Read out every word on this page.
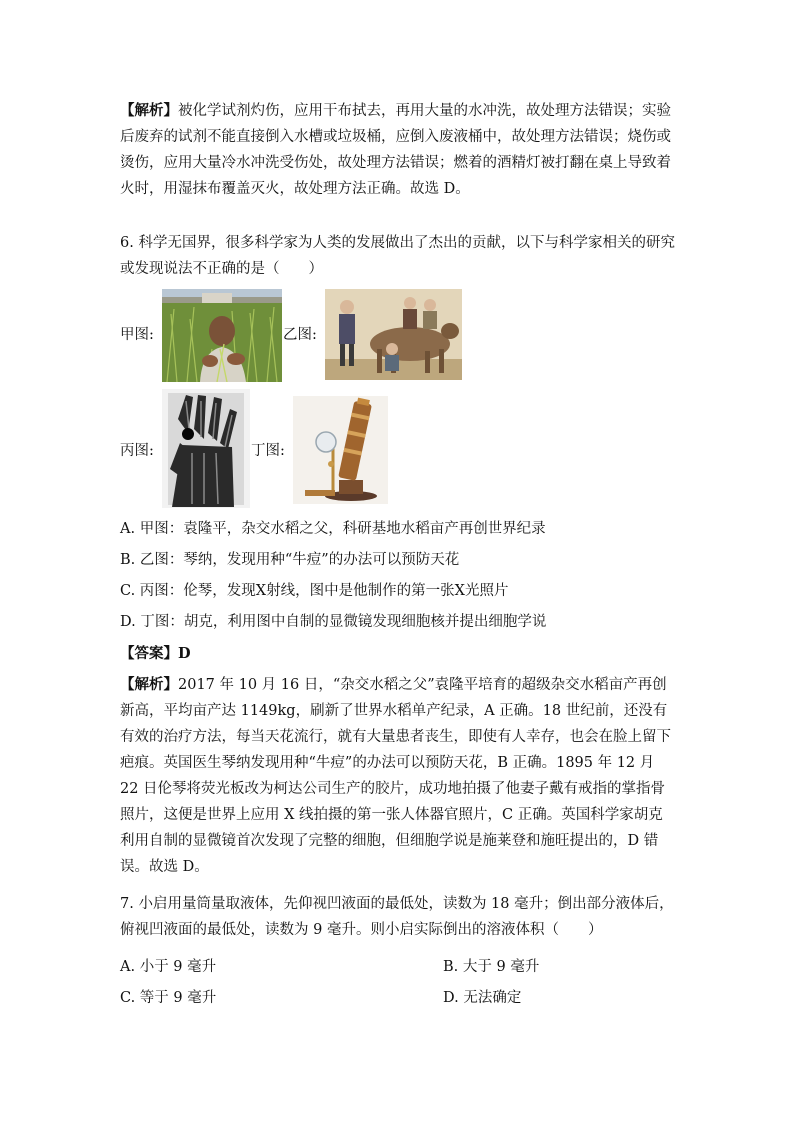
【解析】被化学试剂灼伤，应用干布拭去，再用大量的水冲洗，故处理方法错误；实验后废弃的试剂不能直接倒入水槽或垃圾桶，应倒入废液桶中，故处理方法错误；烧伤或烫伤，应用大量冷水冲洗受伤处，故处理方法错误；燃着的酒精灯被打翻在桌上导致着火时，用湿抹布覆盖灭火，故处理方法正确。故选 D。

6. 科学无国界，很多科学家为人类的发展做出了杰出的贡献，以下与科学家相关的研究或发现说法不正确的是（　　）

甲图:	乙图:
丙图:	丁图:
A. 甲图：袁隆平，杂交水稻之父，科研基地水稻亩产再创世界纪录
B. 乙图：琴纳，发现用种“牛痘”的办法可以预防天花
C. 丙图：伦琴，发现X射线，图中是他制作的第一张X光照片
D. 丁图：胡克，利用图中自制的显微镜发现细胞核并提出细胞学说
【答案】D

【解析】2017 年 10 月 16 日，“杂交水稻之父”袁隆平培育的超级杂交水稻亩产再创新高，平均亩产达 1149kg，刷新了世界水稻单产纪录，A 正确。18 世纪前，还没有有效的治疗方法，每当天花流行，就有大量患者丧生，即使有人幸存，也会在脸上留下疤痕。英国医生琴纳发现用种“牛痘”的办法可以预防天花，B 正确。1895 年 12 月 22 日伦琴将荧光板改为柯达公司生产的胶片，成功地拍摄了他妻子戴有戒指的掌指骨照片，这便是世界上应用 X 线拍摄的第一张人体器官照片，C 正确。英国科学家胡克利用自制的显微镜首次发现了完整的细胞，但细胞学说是施莱登和施旺提出的，D 错误。故选 D。

7. 小启用量筒量取液体，先仰视凹液面的最低处，读数为 18 毫升；倒出部分液体后，俯视凹液面的最低处，读数为 9 毫升。则小启实际倒出的溶液体积（　　）

A. 小于 9 毫升	B. 大于 9 毫升
C. 等于 9 毫升	D. 无法确定
